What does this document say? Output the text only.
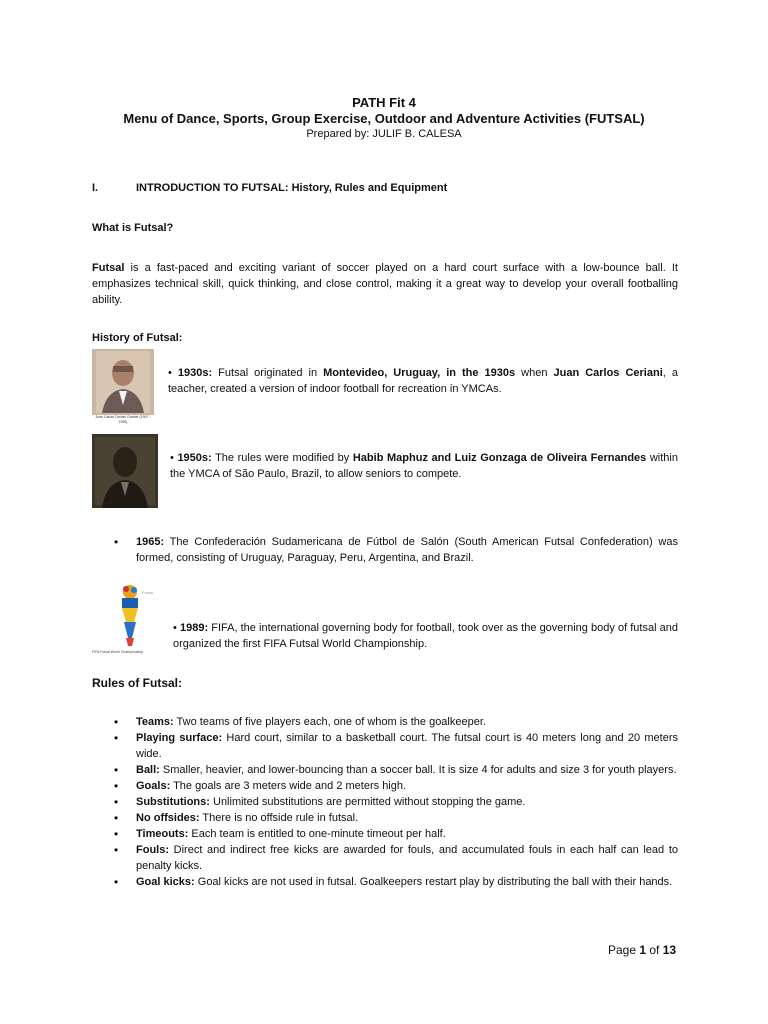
PATH Fit 4
Menu of Dance, Sports, Group Exercise, Outdoor and Adventure Activities (FUTSAL)
Prepared by: JULIF B. CALESA
I.	INTRODUCTION TO FUTSAL: History, Rules and Equipment
What is Futsal?
Futsal is a fast-paced and exciting variant of soccer played on a hard court surface with a low-bounce ball. It emphasizes technical skill, quick thinking, and close control, making it a great way to develop your overall footballing ability.
History of Futsal:
Juan Carlos Ceriani Gravier (1907 - 1996)
• 1930s: Futsal originated in Montevideo, Uruguay, in the 1930s when Juan Carlos Ceriani, a teacher, created a version of indoor football for recreation in YMCAs.
• 1950s: The rules were modified by Habib Maphuz and Luiz Gonzaga de Oliveira Fernandes within the YMCA of São Paulo, Brazil, to allow seniors to compete.
• 1965: The Confederación Sudamericana de Fútbol de Salón (South American Futsal Confederation) was formed, consisting of Uruguay, Paraguay, Peru, Argentina, and Brazil.
Futsal
FIFA Futsal World Championship
• 1989: FIFA, the international governing body for football, took over as the governing body of futsal and organized the first FIFA Futsal World Championship.
Rules of Futsal:
• Teams: Two teams of five players each, one of whom is the goalkeeper.
• Playing surface: Hard court, similar to a basketball court. The futsal court is 40 meters long and 20 meters wide.
• Ball: Smaller, heavier, and lower-bouncing than a soccer ball. It is size 4 for adults and size 3 for youth players.
• Goals: The goals are 3 meters wide and 2 meters high.
• Substitutions: Unlimited substitutions are permitted without stopping the game.
• No offsides: There is no offside rule in futsal.
• Timeouts: Each team is entitled to one-minute timeout per half.
• Fouls: Direct and indirect free kicks are awarded for fouls, and accumulated fouls in each half can lead to penalty kicks.
• Goal kicks: Goal kicks are not used in futsal. Goalkeepers restart play by distributing the ball with their hands.
Page 1 of 13
